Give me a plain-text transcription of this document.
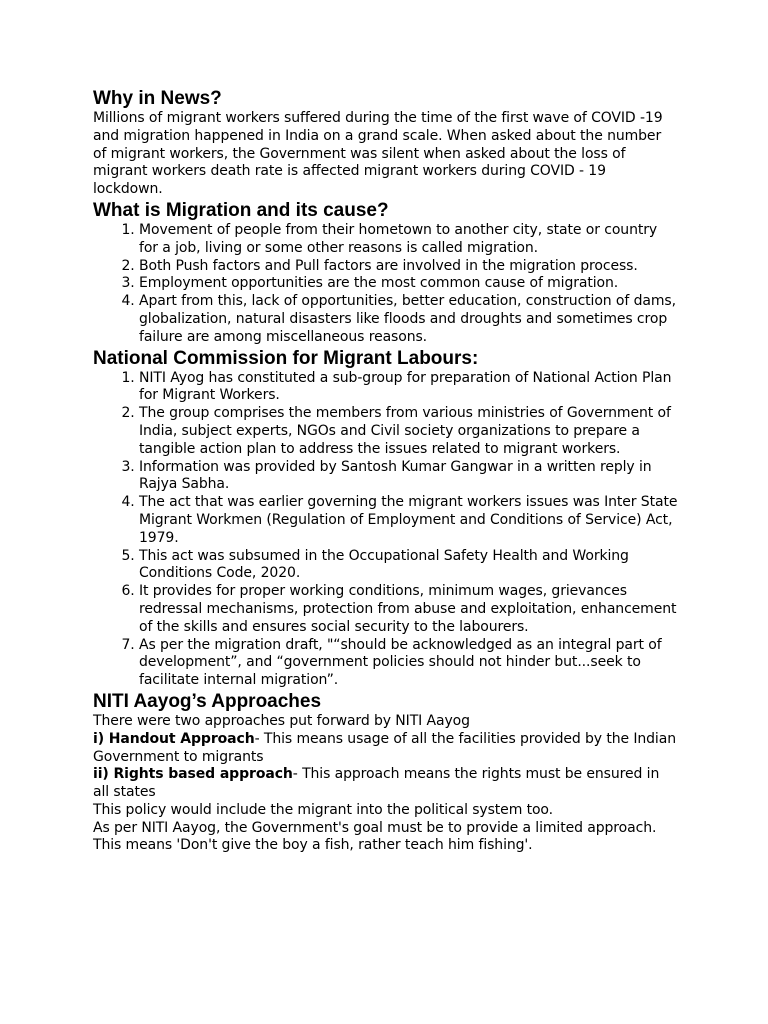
Why in News?

Millions of migrant workers suffered during the time of the first wave of COVID -19 and migration happened in India on a grand scale. When asked about the number of migrant workers, the Government was silent when asked about the loss of migrant workers death rate is affected migrant workers during COVID - 19 lockdown.

What is Migration and its cause?
1. Movement of people from their hometown to another city, state or country for a job, living or some other reasons is called migration.
2. Both Push factors and Pull factors are involved in the migration process.
3. Employment opportunities are the most common cause of migration.
4. Apart from this, lack of opportunities, better education, construction of dams, globalization, natural disasters like floods and droughts and sometimes crop failure are among miscellaneous reasons.
National Commission for Migrant Labours:
1. NITI Ayog has constituted a sub-group for preparation of National Action Plan for Migrant Workers.
2. The group comprises the members from various ministries of Government of India, subject experts, NGOs and Civil society organizations to prepare a tangible action plan to address the issues related to migrant workers.
3. Information was provided by Santosh Kumar Gangwar in a written reply in Rajya Sabha.
4. The act that was earlier governing the migrant workers issues was Inter State Migrant Workmen (Regulation of Employment and Conditions of Service) Act, 1979.
5. This act was subsumed in the Occupational Safety Health and Working Conditions Code, 2020.
6. It provides for proper working conditions, minimum wages, grievances redressal mechanisms, protection from abuse and exploitation, enhancement of the skills and ensures social security to the labourers.
7. As per the migration draft, "“should be acknowledged as an integral part of development”, and “government policies should not hinder but...seek to facilitate internal migration”.
NITI Aayog’s Approaches

There were two approaches put forward by NITI Aayog

i) Handout Approach- This means usage of all the facilities provided by the Indian Government to migrants

ii) Rights based approach- This approach means the rights must be ensured in all states

This policy would include the migrant into the political system too.

As per NITI Aayog, the Government's goal must be to provide a limited approach. This means 'Don't give the boy a fish, rather teach him fishing'.
